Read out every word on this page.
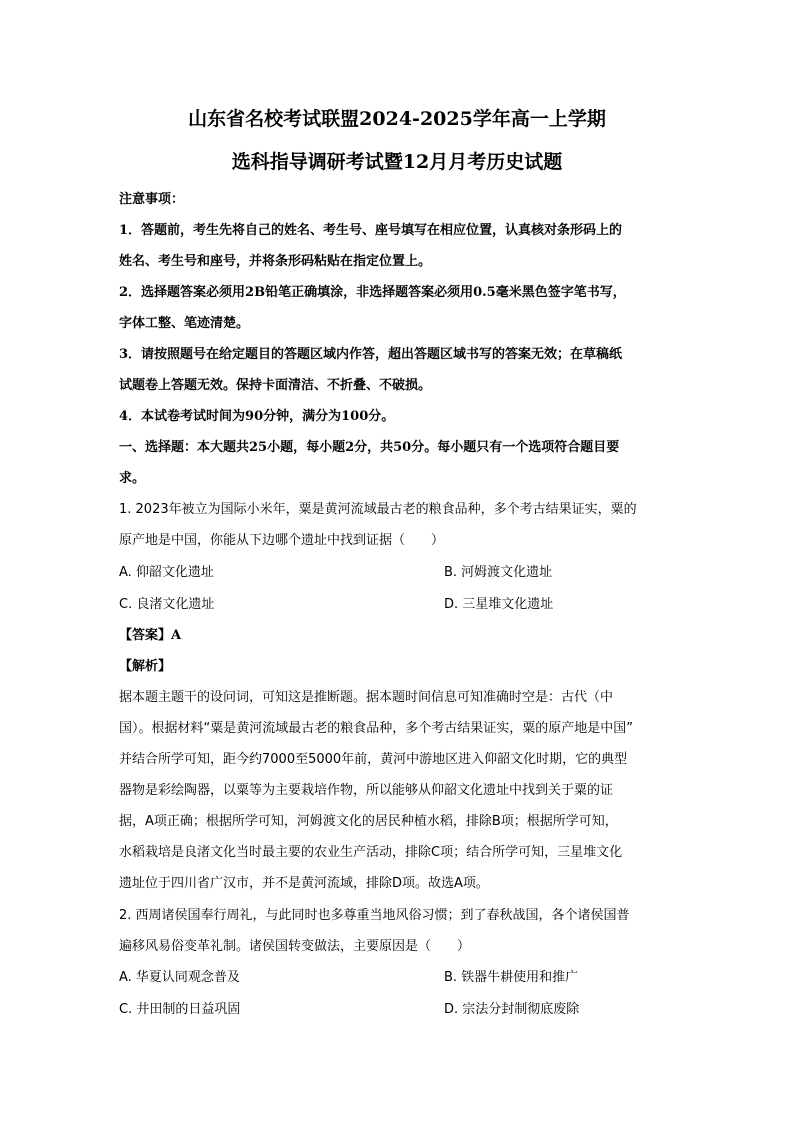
山东省名校考试联盟2024-2025学年高一上学期
选科指导调研考试暨12月月考历史试题
注意事项：
1．答题前，考生先将自己的姓名、考生号、座号填写在相应位置，认真核对条形码上的
姓名、考生号和座号，并将条形码粘贴在指定位置上。
2．选择题答案必须用2B铅笔正确填涂，非选择题答案必须用0.5毫米黑色签字笔书写，
字体工整、笔迹清楚。
3．请按照题号在给定题目的答题区域内作答，超出答题区域书写的答案无效；在草稿纸
试题卷上答题无效。保持卡面清洁、不折叠、不破损。
4．本试卷考试时间为90分钟，满分为100分。
一、选择题：本大题共25小题，每小题2分，共50分。每小题只有一个选项符合题目要
求。
1. 2023年被立为国际小米年，粟是黄河流域最古老的粮食品种，多个考古结果证实，粟的
原产地是中国，你能从下边哪个遗址中找到证据（　　）
A. 仰韶文化遗址	B. 河姆渡文化遗址
C. 良渚文化遗址	D. 三星堆文化遗址
【答案】A
【解析】
据本题主题干的设问词，可知这是推断题。据本题时间信息可知准确时空是：古代（中
国）。根据材料“粟是黄河流域最古老的粮食品种，多个考古结果证实，粟的原产地是中国”
并结合所学可知，距今约7000至5000年前，黄河中游地区进入仰韶文化时期，它的典型
器物是彩绘陶器，以粟等为主要栽培作物，所以能够从仰韶文化遗址中找到关于粟的证
据，A项正确；根据所学可知，河姆渡文化的居民种植水稻，排除B项；根据所学可知，
水稻栽培是良渚文化当时最主要的农业生产活动，排除C项；结合所学可知，三星堆文化
遗址位于四川省广汉市，并不是黄河流域，排除D项。故选A项。
2. 西周诸侯国奉行周礼，与此同时也多尊重当地风俗习惯；到了春秋战国，各个诸侯国普
遍移风易俗变革礼制。诸侯国转变做法，主要原因是（　　）
A. 华夏认同观念普及	B. 铁器牛耕使用和推广
C. 井田制的日益巩固	D. 宗法分封制彻底废除
